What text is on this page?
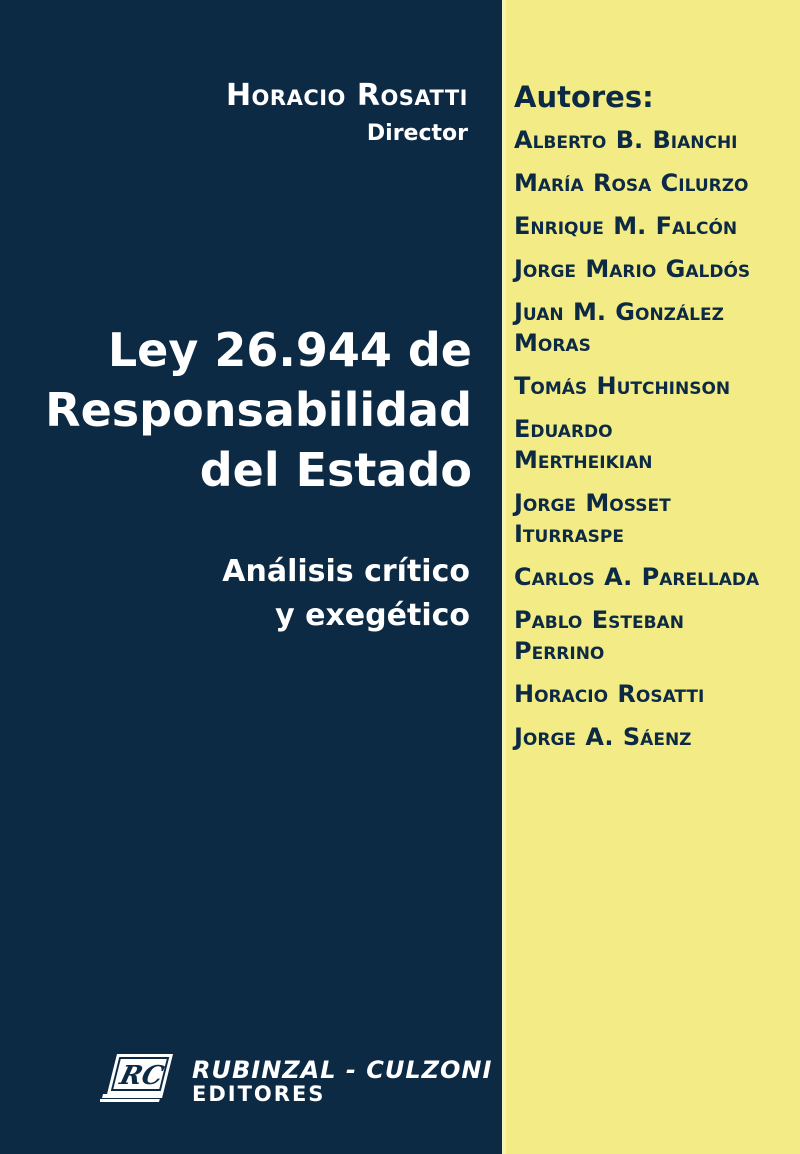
Horacio Rosatti
Director
Ley 26.944 de
Responsabilidad
del Estado
Análisis crítico
y exegético
Autores:
Alberto B. Bianchi
María Rosa Cilurzo
Enrique M. Falcón
Jorge Mario Galdós
Juan M. González
Moras
Tomás Hutchinson
Eduardo
Mertheikian
Jorge Mosset
Iturraspe
Carlos A. Parellada
Pablo Esteban
Perrino
Horacio Rosatti
Jorge A. Sáenz
RC RUBINZAL - CULZONI
EDITORES
